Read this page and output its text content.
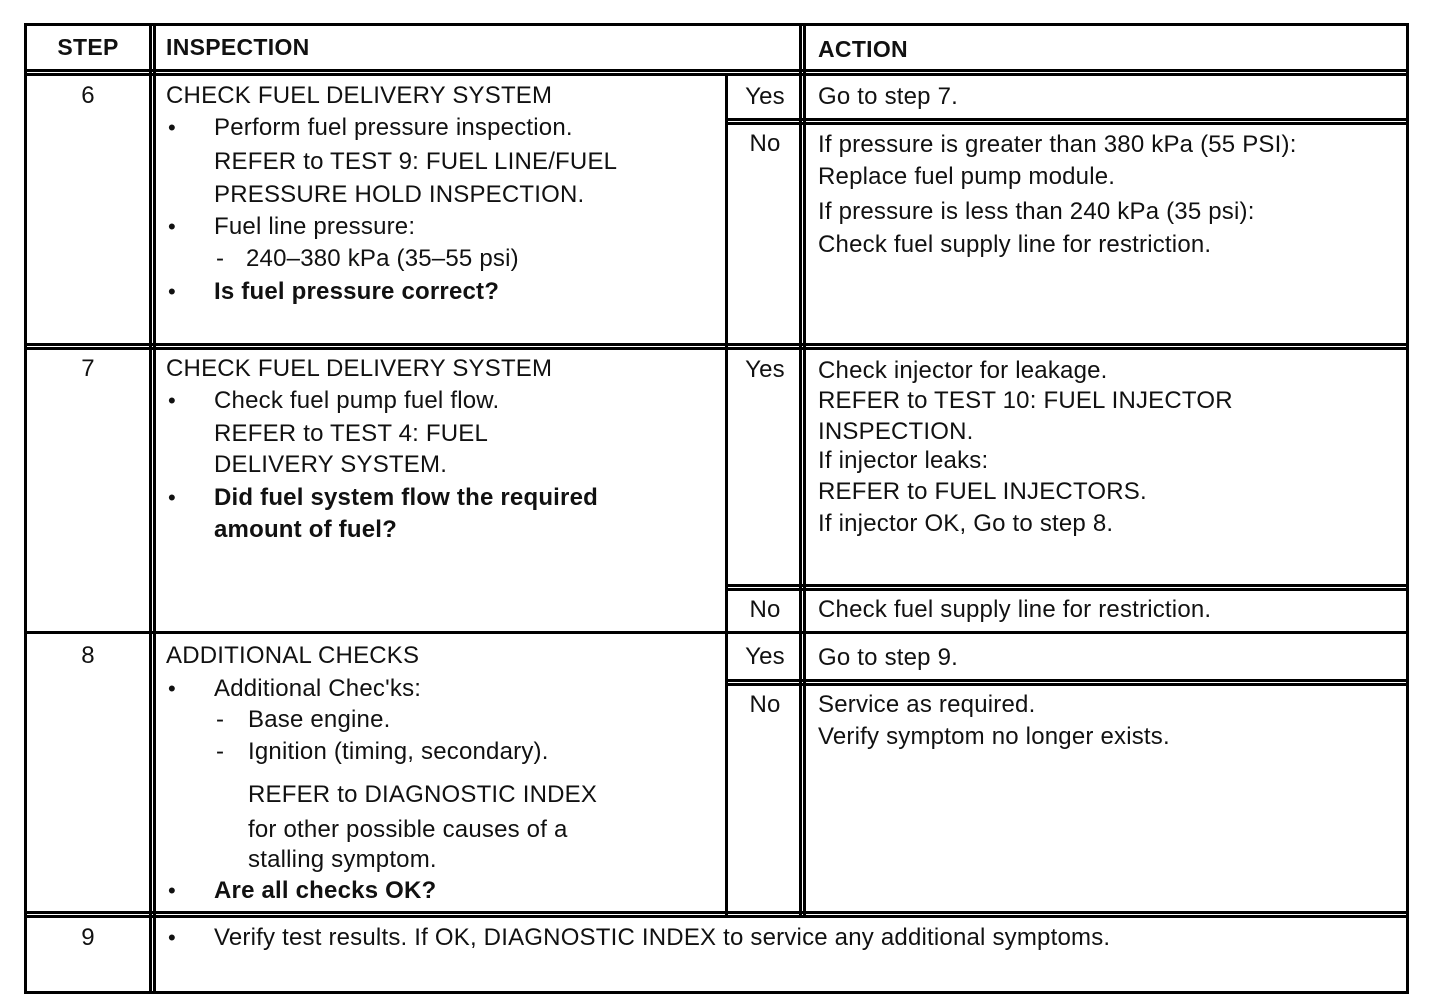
STEP	INSPECTION	ACTION
6	CHECK FUEL DELIVERY SYSTEM
• Perform fuel pressure inspection.
REFER to TEST 9: FUEL LINE/FUEL
PRESSURE HOLD INSPECTION.
• Fuel line pressure:
- 240–380 kPa (35–55 psi)
• Is fuel pressure correct?
Yes	Go to step 7.
No	If pressure is greater than 380 kPa (55 PSI):
Replace fuel pump module.
If pressure is less than 240 kPa (35 psi):
Check fuel supply line for restriction.
7	CHECK FUEL DELIVERY SYSTEM
• Check fuel pump fuel flow.
REFER to TEST 4: FUEL
DELIVERY SYSTEM.
• Did fuel system flow the required
amount of fuel?
Yes	Check injector for leakage.
REFER to TEST 10: FUEL INJECTOR
INSPECTION.
If injector leaks:
REFER to FUEL INJECTORS.
If injector OK, Go to step 8.
No	Check fuel supply line for restriction.
8	ADDITIONAL CHECKS
• Additional Chec'ks:
- Base engine.
- Ignition (timing, secondary).
REFER to DIAGNOSTIC INDEX
for other possible causes of a
stalling symptom.
• Are all checks OK?
Yes	Go to step 9.
No	Service as required.
Verify symptom no longer exists.
9	• Verify test results. If OK, DIAGNOSTIC INDEX to service any additional symptoms.
